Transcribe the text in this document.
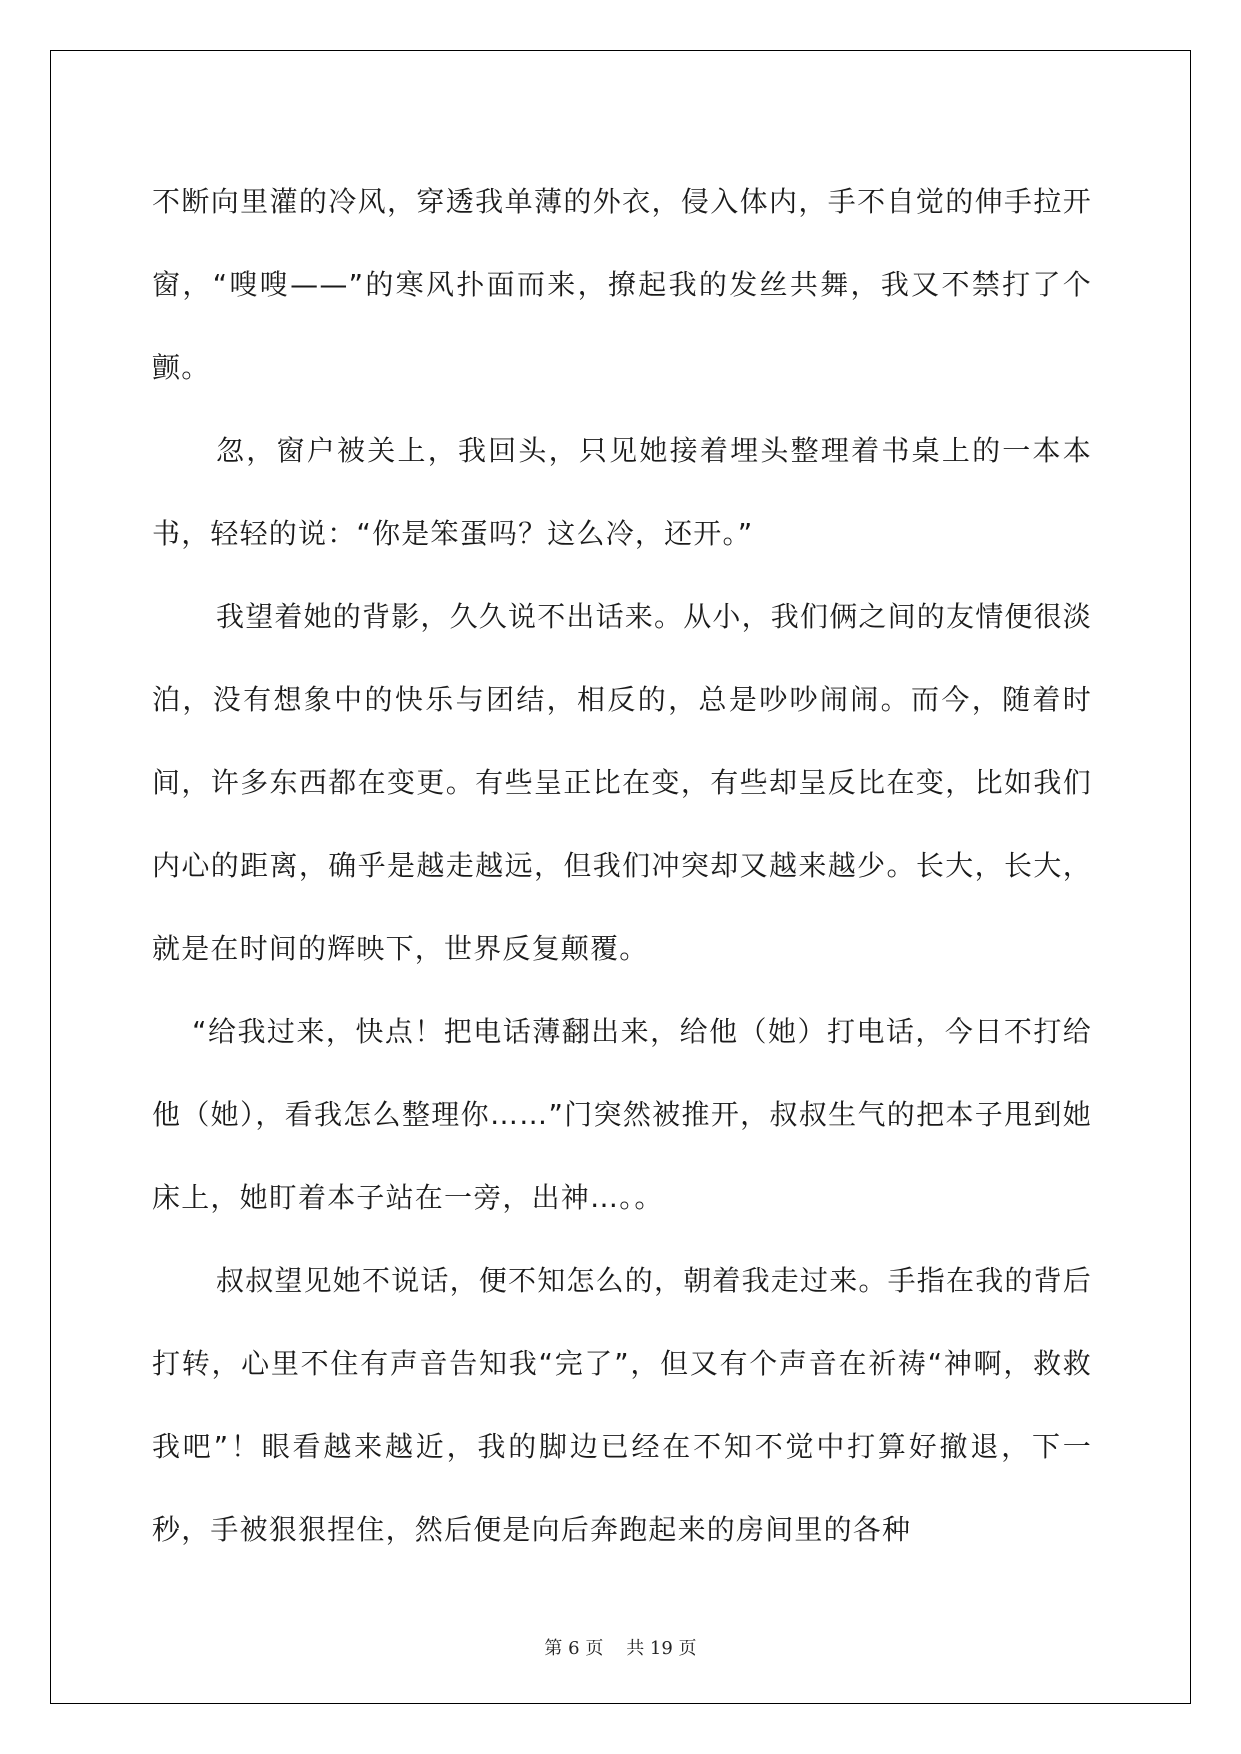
不断向里灌的冷风，穿透我单薄的外衣，侵入体内，手不自觉的伸手拉开窗，“嗖嗖——”的寒风扑面而来，撩起我的发丝共舞，我又不禁打了个颤。

忽，窗户被关上，我回头，只见她接着埋头整理着书桌上的一本本书，轻轻的说：“你是笨蛋吗？这么冷，还开。”

我望着她的背影，久久说不出话来。从小，我们俩之间的友情便很淡泊，没有想象中的快乐与团结，相反的，总是吵吵闹闹。而今，随着时间，许多东西都在变更。有些呈正比在变，有些却呈反比在变，比如我们内心的距离，确乎是越走越远，但我们冲突却又越来越少。长大，长大，就是在时间的辉映下，世界反复颠覆。

“给我过来，快点！把电话薄翻出来，给他（她）打电话，今日不打给他（她），看我怎么整理你……”门突然被推开，叔叔生气的把本子甩到她床上，她盯着本子站在一旁，出神…。。

叔叔望见她不说话，便不知怎么的，朝着我走过来。手指在我的背后打转，心里不住有声音告知我“完了”，但又有个声音在祈祷“神啊，救救我吧”！眼看越来越近，我的脚边已经在不知不觉中打算好撤退，下一秒，手被狠狠捏住，然后便是向后奔跑起来的房间里的各种

第 6 页    共 19 页
